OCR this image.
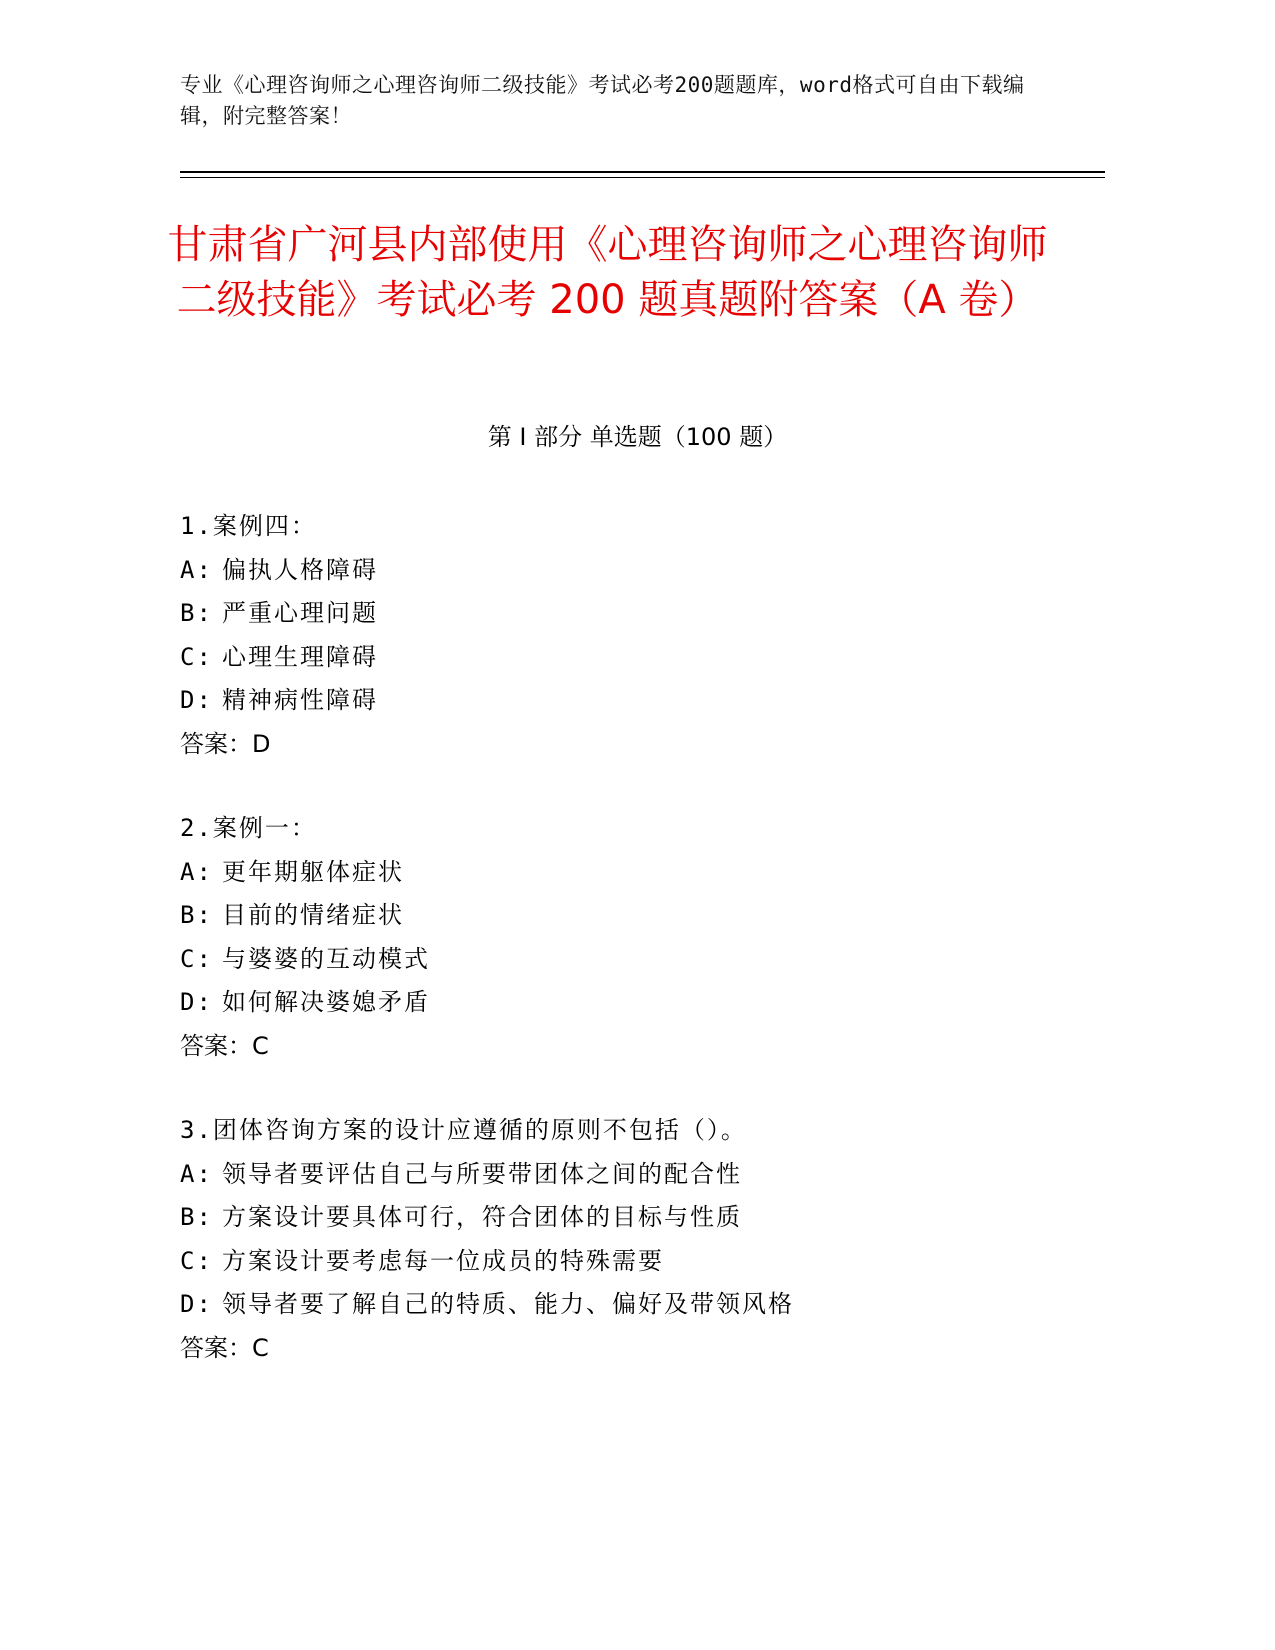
专业《心理咨询师之心理咨询师二级技能》考试必考200题题库，word格式可自由下载编辑，附完整答案！
甘肃省广河县内部使用《心理咨询师之心理咨询师二级技能》考试必考 200 题真题附答案（A 卷）
第 I 部分 单选题（100 题）
1.案例四：
A: 偏执人格障碍
B: 严重心理问题
C: 心理生理障碍
D: 精神病性障碍
答案：D
2.案例一：
A: 更年期躯体症状
B: 目前的情绪症状
C: 与婆婆的互动模式
D: 如何解决婆媳矛盾
答案：C
3.团体咨询方案的设计应遵循的原则不包括（）。
A: 领导者要评估自己与所要带团体之间的配合性
B: 方案设计要具体可行，符合团体的目标与性质
C: 方案设计要考虑每一位成员的特殊需要
D: 领导者要了解自己的特质、能力、偏好及带领风格
答案：C
